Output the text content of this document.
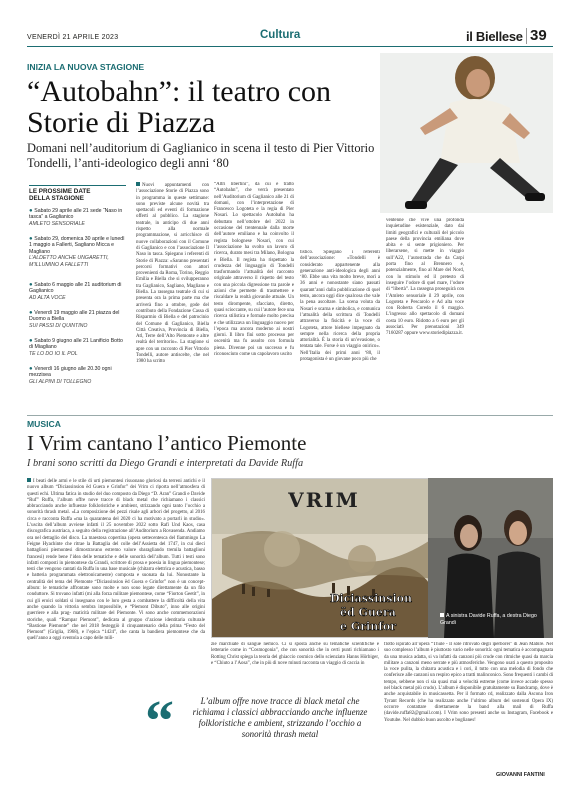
VENERDÌ 21 APRILE 2023	Cultura	il Biellese 39
INIZIA LA NUOVA STAGIONE
“Autobahn”: il teatro con Storie di Piazza
Domani nell’auditorium di Gaglianico in scena il testo di Pier Vittorio Tondelli, l’anti-ideologico degli anni ‘80
LE PROSSIME DATE DELLA STAGIONE
● Sabato 29 aprile alle 21 sede “Naso in tasca” a Gaglianico
AMLETO SENSORIALE
● Sabato 29, domenica 30 aprile e lunedì 1 maggio a Fallerti, Sagliano Micca e Magliano
L’ALDETTO ANCHE UNGARETTI, M’ILLUMINO A FALLETTI
● Sabato 6 maggio alle 21 auditorium di Gaglianico
AD ALTA VOCE
● Venerdì 19 maggio alle 21 piazza del Duomo a Biella
SUI PASSI DI QUINTINO
● Sabato 9 giugno alle 21 Lanificio Botto di Miagliano
TE LO DO IO IL POL
● Venerdì 16 giugno alle 20.30 ogni mezzisea
GLI ALPINI DI TOLLEGNO
Nuovi appuntamenti con l’associazione Storie di Piazza sono in programma in queste settimane: sono previste alcune novità tra spettacoli ed eventi di formazione offerti al pubblico. La stagione teatrale, in anticipo di due anni rispetto alla normale programmazione, si arricchisce di nuove collaborazioni con il Comune di Gaglianico e con l’associazione Il Naso in tasca. Spiegano i referenti di Storie di Piazza: «Saranno presentati percorsi formativi con attori provenienti da Roma, Torino, Reggio Emilia e Biella che si svilupperanno tra Gaglianico, Sagliano, Magliano e Biella. La rassegna teatrale di cui si presenta ora la prima parte ma che arriverà fino a ottobre, gode del contributo della Fondazione Cassa di Risparmio di Biella e del patrocinio del Comune di Gaglianico, Biella Città Creativa, Provincia di Biella, Atl, Terre dell’Alto Piemonte e altre realtà del territorio». La stagione si apre con un racconto di Pier Vittorio Tondelli, autore antiscelte, che nel 1980 ha scritto
“Altri libertini”, da cui è tratto “Autobahn”, che verrà presentato nell’Auditorium di Gaglianico alle 21 di domani, con l’interpretazione di Francesco Logoteta e la regia di Pier Nosari. Lo spettacolo Autobahn ha debuttato nell’ottobre del 2022 in occasione del trentennale dalla morte dell’autore emiliano e ha coinvolto il regista bolognese Nosari, con cui l’associazione ha svolto un lavoro di ricerca, durato mesi tra Milano, Bologna e Biella. Il regista ha rispettato la crudezza del linguaggio di Tondelli trasformando l’attualità del racconto originale attraverso il rispetto del testo con una piccola digressione tra parole e azioni che permette di trasmettere e riscaldare la realtà giovanile attuale. Un testo dirompente, sfacciato, diretto, quasi scioccante, su cui l’autore fece una ricerca stilistica e formale molto precisa e che utilizzava un linguaggio nuovo per l’epoca ma ancora moderno ai nostri giorni. Il libro finì sotto processo per oscenità ma fu assolto con formula piena. Divenne poi un successo e fu riconosciuto come un capolavoro uscito
tistico. Spiegano i referenti dell’associazione: «Tondelli è considerato appartenente alla generazione anti-ideologica degli anni ‘80. Ebbe una vita molto breve, morì a 36 anni e nonostante siano passati quarant’anni dalla pubblicazione di quel testo, ancora oggi dice qualcosa che vale la pena ascoltare. La scena voluta da Nosari e scarna e simbolica, e comunica l’attualità della scrittura di Tondelli attraverso la fisicità e la voce di Logoteta, attore biellese impegnato da sempre nella ricerca della propria attorialità. È la storia di un’evasione, o tentata tale. Forse è un viaggio onirico». Nell’Italia dei primi anni ‘80, il protagonista è un giovane poco più che
ventenne che vive una profonda inquietudine esistenziale, dato dai limiti geografici e culturali del piccolo paese della provincia emiliana dove abita e si sente prigioniero. Per liberarsene, si mette in viaggio sull’A22, l’autostrada che da Carpi porta fino al Brennero e, potenzialmente, fino al Mare del Nord, con lo stimolo ed il pretesto di inseguire l’odore di quel mare, l’odore di “libertà”. La rassegna proseguirà con l’Amleto sensoriale il 29 aprile, con Logoteta e Pescarolo e Ad alta voce con Roberta Coredo il 6 maggio. L’ingresso allo spettacolo di domani costa 10 euro. Ridotto a 6 euro per gli associati. Per prenotazioni 349 7160287 oppure www.storiedipiazza.it.
MUSICA
I Vrim cantano l’antico Piemonte
I brani sono scritti da Diego Grandi e interpretati da Davide Ruffa
I beati delle armi e le stile di urti piemontesi risuonano gloriosi da terreni antichi e il nuovo album “Diciassinsion ëd Guera e Grinfor” dei Vrim ci riporta nell’atmosfera di questi echi. Ultima fatica in studio del duo composto da Diego “D. Aran” Grandi e Davide “Ruf” Ruffa, l’album offre nove tracce di black metal che richiamano i classici abbracciando anche influenze folkloristiche e ambient, strizzando ogni tanto l’occhio a sonorità thrash metal. «La composizione dei pezzi risale agli arbori del progetto, al 2016 circa e racconta Ruffa «ma la quarantena del 2020 ci ha motivato a portarli in studio». L’uscita dell’album avviene infatti il 25 novembre 2022 sotto Rafi Und Kaos, casa discografica austriaca, a seguito della registrazione all’Auditorium a Rovasenda. Andiamo ora nel dettaglio del disco. La maestosa copertina (opera settecentesca del fiammingo La Feigne Hyachinte che ritrae la Battaglia del colle dell’Assietta del 1747, in cui dieci battaglioni piemontesi dimostravano estremo valore sbaragliando tremila battaglioni francesi) rende bene l’idea delle tematiche e delle sonorità dell’album. Tutti i testi sono infatti composti in piemontese da Grandi, scrittore di prosa e poesia in lingua piemontese; testi che vengono cantati da Ruffa in una base musicale (chitarra elettrica e acustica, basso e batteria programmata elettronicamente) composta e suonata da lui. Nonostante la centralità del tema del Piemonte “Diciassinsion ëd Guera e Grinfor” non è un concept-album: le tematiche affrontate sono molte e non sono legate direttamente da un filo conduttore. Si trovano infatti (mi alla forza militare piemontese, come “Fiorton Geetit”, in cui gli eroici soldati si insegnano con le loro gesta a combattere la difficoltà della vita anche quando la vittoria sembra impossibile, e “Piemont Dibuto”, inno alle origini guerriere e alla prag- maticità militare del Piemonte. Vi sono anche commemorazioni storiche, quali “Rampar Piemont”, dedicata al gruppo d’azione identitaria culturale “Bastione Piemonte” che nel 2018 festeggiò il cinquantenario della prima “Festo del Piemont” (Griglia, 1968), e l’epica “1424”, che canta la bandiera piemontese che da quell’anno a oggi sventola a capo delle mili-
VRIM
Diciassinsion
ëd Guera
e Grinfor
A sinistra Davide Ruffa, a destra Diego Grandi
zie marchiate di sangue nemico. Ci si sposta anche su tematiche scientifiche e letterarie come in “Cosmogonia”, che con sonorità che in certi punti richiamano i Rotting Christ spiega la teoria del ghiaccio cosmico dello scienziato Hanns Hörbiger, e “Chiuto a l’Aosa”, che in più di nove minuti racconta un viaggio di caccia in
flotto ispirato all’opera “Thule - Il sole ritrovato degli iperborei” di Jean Mabire. Nel suo complesso l’album è piuttosto vario nelle sonorità: ogni tematica è accompagnata da una musica adatta, si va infatti da canzoni più crude con ritmiche quasi da marcia militare a canzoni meno serrate e più atmosferiche. Vengono usati a questo proposito la voce pulita, la chitarra acustica e i cori, il tutto con una melodia di fondo che conferisce alle canzoni un respiro epico a tratti malinconico. Sono frequenti i cambi di tempo, sebbene non ci sia quasi mai a velocità estreme (come invece accade spesso nel black metal più crudo). L’album è disponibile gratuitamente su Bandcamp, dove è anche acquistabile in musicassetta. Per il formato cd, realizzato dalla Ascona Iron Tyrant Records (che ha realizzato anche l’ultimo album del sostenuti Opera IX) occorre contattare direttamente la band alla mail di Ruffa (davide.ruffa82@gmail.com). I Vrim sono presenti anche su Instagram, Facebook e Youtube. Nel dubbio buon ascolto e boglianes!
GIOVANNI FANTINI
“	L’album offre nove tracce di black metal che richiama i classici abbracciando anche influenze folkloristiche e ambient, strizzando l’occhio a sonorità thrash metal
